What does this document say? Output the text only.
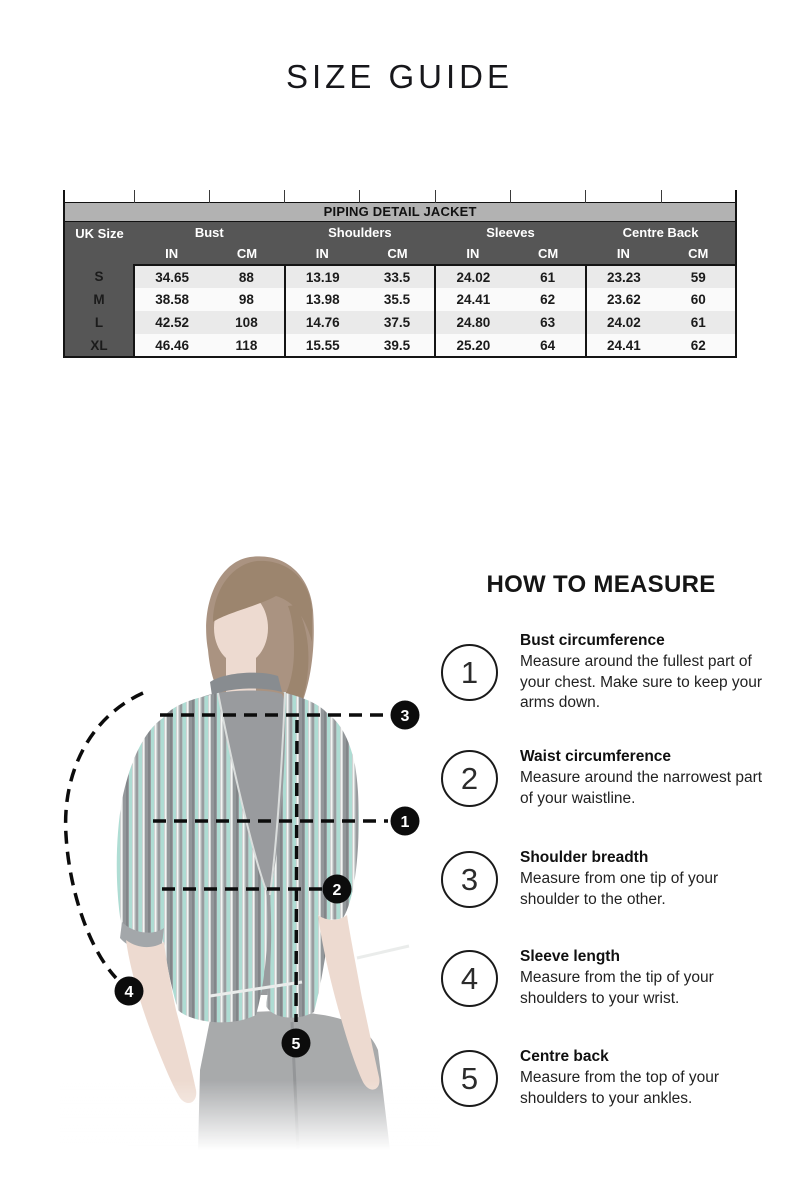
SIZE GUIDE

PIPING DETAIL JACKET								
UK Size	Bust		Shoulders		Sleeves		Centre Back	
	IN	CM	IN	CM	IN	CM	IN	CM
S	34.65	88	13.19	33.5	24.02	61	23.23	59
M	38.58	98	13.98	35.5	24.41	62	23.62	60
L	42.52	108	14.76	37.5	24.80	63	24.02	61
XL	46.46	118	15.55	39.5	25.20	64	24.41	62
3
1
2
4
5
HOW TO MEASURE
1
Bust circumference
Measure around the fullest part of your chest. Make sure to keep your arms down.
2
Waist circumference
Measure around the narrowest part of your waistline.
3
Shoulder breadth
Measure from one tip of your shoulder to the other.
4
Sleeve length
Measure from the tip of your shoulders to your wrist.
5
Centre back
Measure from the top of your shoulders to your ankles.
